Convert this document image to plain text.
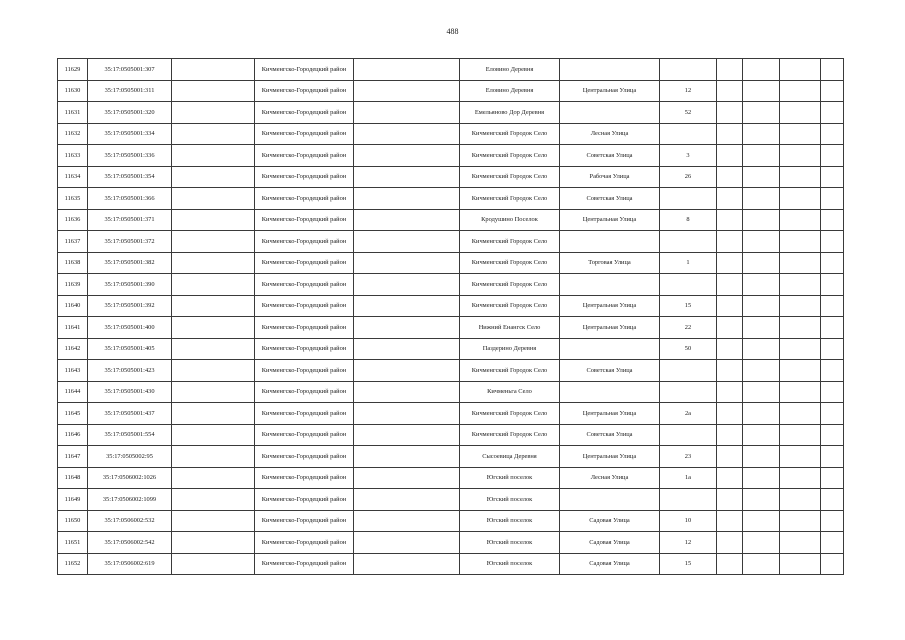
488
11629	35:17:0505001:307		Кичменгско-Городецкий район		Еловино Деревня						
11630	35:17:0505001:311		Кичменгско-Городецкий район		Еловино Деревня	Центральная Улица	12				
11631	35:17:0505001:320		Кичменгско-Городецкий район		Емельяново Дор Деревня		52				
11632	35:17:0505001:334		Кичменгско-Городецкий район		Кичменгский Городок Село	Лесная Улица					
11633	35:17:0505001:336		Кичменгско-Городецкий район		Кичменгский Городок Село	Советская Улица	3				
11634	35:17:0505001:354		Кичменгско-Городецкий район		Кичменгский Городок Село	Рабочая Улица	26				
11635	35:17:0505001:366		Кичменгско-Городецкий район		Кичменгский Городок Село	Советская Улица					
11636	35:17:0505001:371		Кичменгско-Городецкий район		Кродушино Поселок	Центральная Улица	8				
11637	35:17:0505001:372		Кичменгско-Городецкий район		Кичменгский Городок Село						
11638	35:17:0505001:382		Кичменгско-Городецкий район		Кичменгский Городок Село	Торговая Улица	1				
11639	35:17:0505001:390		Кичменгско-Городецкий район		Кичменгский Городок Село						
11640	35:17:0505001:392		Кичменгско-Городецкий район		Кичменгский Городок Село	Центральная Улица	15				
11641	35:17:0505001:400		Кичменгско-Городецкий район		Нижний Енангск Село	Центральная Улица	22				
11642	35:17:0505001:405		Кичменгско-Городецкий район		Паздерино Деревня		50				
11643	35:17:0505001:423		Кичменгско-Городецкий район		Кичменгский Городок Село	Советская Улица					
11644	35:17:0505001:430		Кичменгско-Городецкий район		Кичменьга Село						
11645	35:17:0505001:437		Кичменгско-Городецкий район		Кичменгский Городок Село	Центральная Улица	2а				
11646	35:17:0505001:554		Кичменгско-Городецкий район		Кичменгский Городок Село	Советская Улица					
11647	35:17:0505002:95		Кичменгско-Городецкий район		Сысоевица Деревня	Центральная Улица	23				
11648	35:17:0506002:1026		Кичменгско-Городецкий район		Югский поселок	Лесная Улица	1а				
11649	35:17:0506002:1099		Кичменгско-Городецкий район		Югский поселок						
11650	35:17:0506002:532		Кичменгско-Городецкий район		Югский поселок	Садовая Улица	10				
11651	35:17:0506002:542		Кичменгско-Городецкий район		Югский поселок	Садовая Улица	12				
11652	35:17:0506002:619		Кичменгско-Городецкий район		Югский поселок	Садовая Улица	15				
